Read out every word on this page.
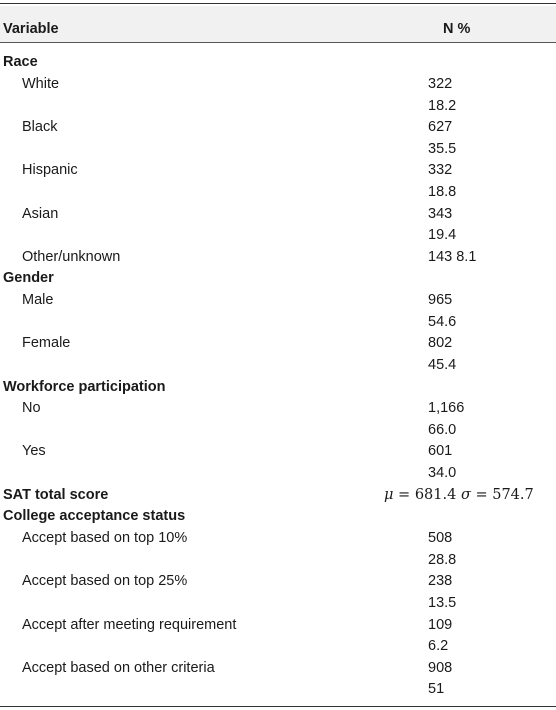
Variable	N %
Race
White	322
18.2
Black	627
35.5
Hispanic	332
18.8
Asian	343
19.4
Other/unknown	143 8.1
Gender
Male	965
54.6
Female	802
45.4
Workforce participation
No	1,166
66.0
Yes	601
34.0
SAT total score	μ = 681.4 σ = 574.7
College acceptance status
Accept based on top 10%	508
28.8
Accept based on top 25%	238
13.5
Accept after meeting requirement	109
6.2
Accept based on other criteria	908
51
